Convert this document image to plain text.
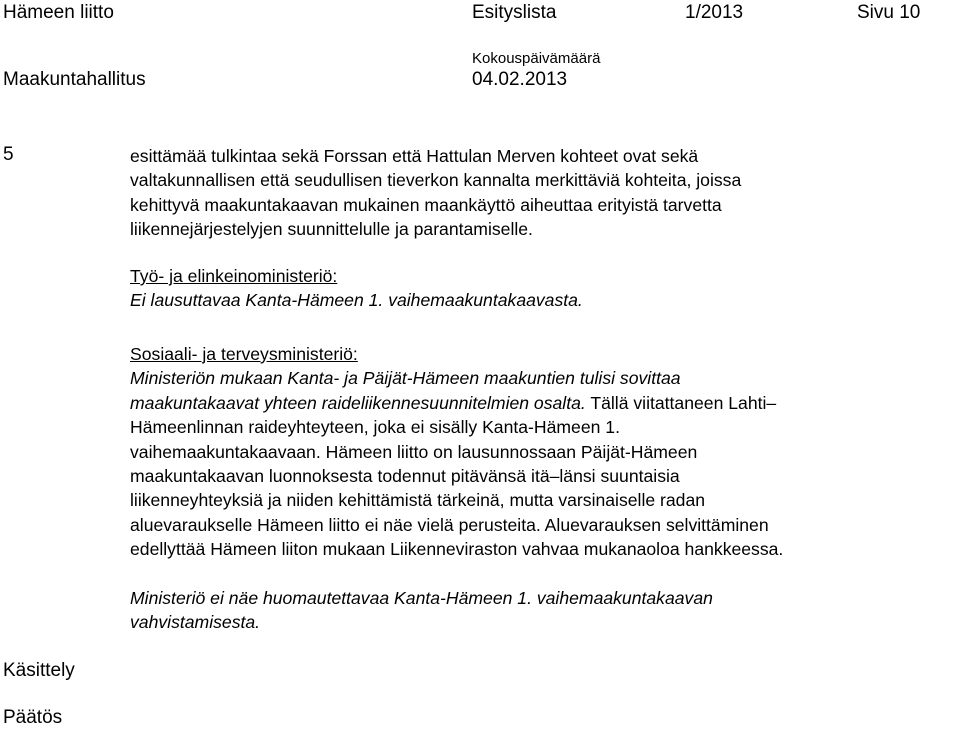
Hämeen liitto	Esityslista	1/2013	Sivu 10
Kokouspäivämäärä
Maakuntahallitus	04.02.2013
5	esittämää tulkintaa sekä Forssan että Hattulan Merven kohteet ovat sekä

valtakunnallisen että seudullisen tieverkon kannalta merkittäviä kohteita, joissa

kehittyvä maakuntakaavan mukainen maankäyttö aiheuttaa erityistä tarvetta

liikennejärjestelyjen suunnittelulle ja parantamiselle.

Työ- ja elinkeinoministeriö:

Ei lausuttavaa Kanta-Hämeen 1. vaihemaakuntakaavasta.

Sosiaali- ja terveysministeriö:

Ministeriön mukaan Kanta- ja Päijät-Hämeen maakuntien tulisi sovittaa

maakuntakaavat yhteen raideliikennesuunnitelmien osalta. Tällä viitattaneen Lahti–

Hämeenlinnan raideyhteyteen, joka ei sisälly Kanta-Hämeen 1.

vaihemaakuntakaavaan. Hämeen liitto on lausunnossaan Päijät-Hämeen

maakuntakaavan luonnoksesta todennut pitävänsä itä–länsi suuntaisia

liikenneyhteyksiä ja niiden kehittämistä tärkeinä, mutta varsinaiselle radan

aluevaraukselle Hämeen liitto ei näe vielä perusteita. Aluevarauksen selvittäminen

edellyttää Hämeen liiton mukaan Liikenneviraston vahvaa mukanaoloa hankkeessa.

Ministeriö ei näe huomautettavaa Kanta-Hämeen 1. vaihemaakuntakaavan

vahvistamisesta.

Käsittely
Päätös
